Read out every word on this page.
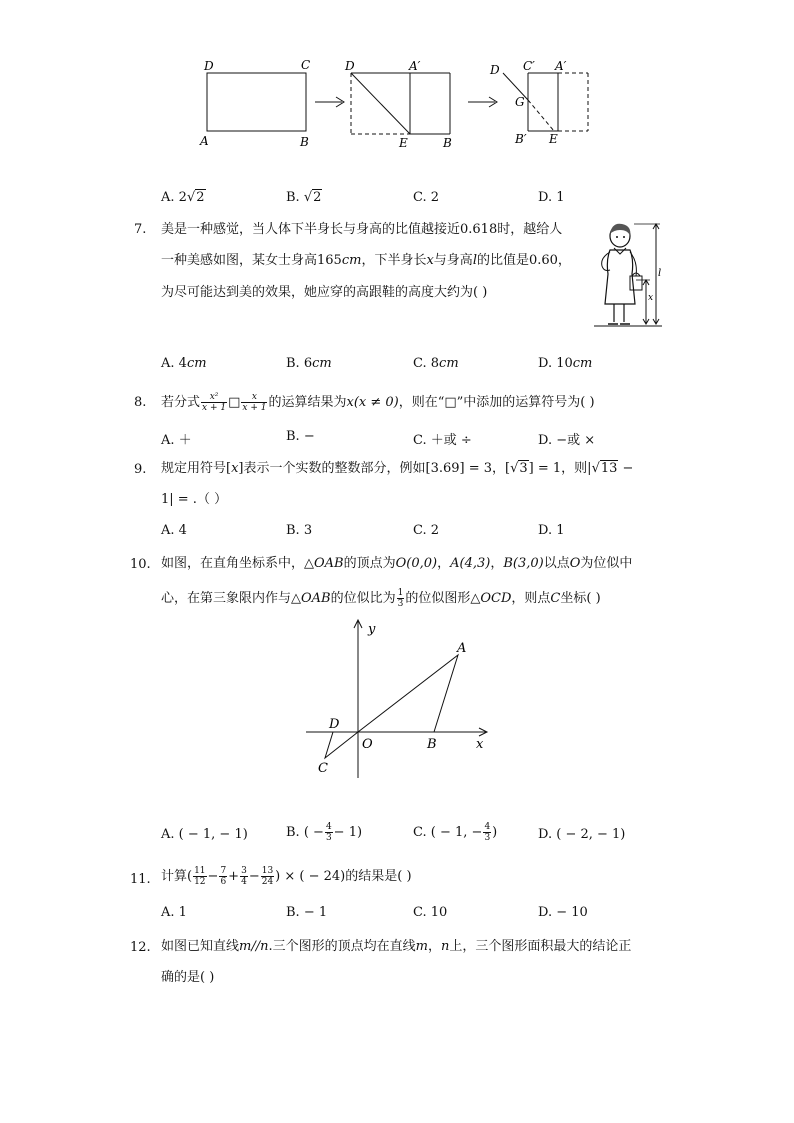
D	C
A	B
D	A′
E	B
D C′ A′
G
B′ E
A. 2√2	B. √2	C. 2	D. 1
7. 美是一种感觉，当人体下半身长与身高的比值越接近0.618时，越给人
一种美感如图，某女士身高165cm，下半身长x与身高l的比值是0.60，
为尽可能达到美的效果，她应穿的高跟鞋的高度大约为( )
l
x
A. 4cm	B. 6cm	C. 8cm	D. 10cm
8. 若分式 $\frac{\text{x²}}{x + 1}$ □ $\frac{x}{x + 1}$ 的运算结果为x(x ≠ 0)，则在“□”中添加的运算符号为( )
A. ＋	B. −	C. ＋或 ÷	D. −或 ×
9. 规定用符号[x]表示一个实数的整数部分，例如[3.69] = 3，[√3] = 1，则|√13 −
1| = .（ ）
A. 4	B. 3	C. 2	D. 1
10. 如图，在直角坐标系中，△OAB的顶点为O(0,0)，A(4,3)，B(3,0)以点O为位似中
心，在第三象限内作与△OAB的位似比为 $\frac{1}{3}$ 的位似图形△OCD，则点C坐标( )
y
x
A
B
O
C
D
A. ( − 1, − 1)	B. ( − $\frac{4}{3} - 1$)	C. ( − 1, − $\frac{4}{3}$ )	D. ( − 2, − 1)
11. 计算( $\frac{11}{12} - \frac{7}{6} + \frac{3}{4} - \frac{13}{24}$ ) × ( − 24)的结果是( )
A. 1	B. − 1	C. 10	D. − 10
12. 如图已知直线m//n.三个图形的顶点均在直线m，n上，三个图形面积最大的结论正
确的是( )
